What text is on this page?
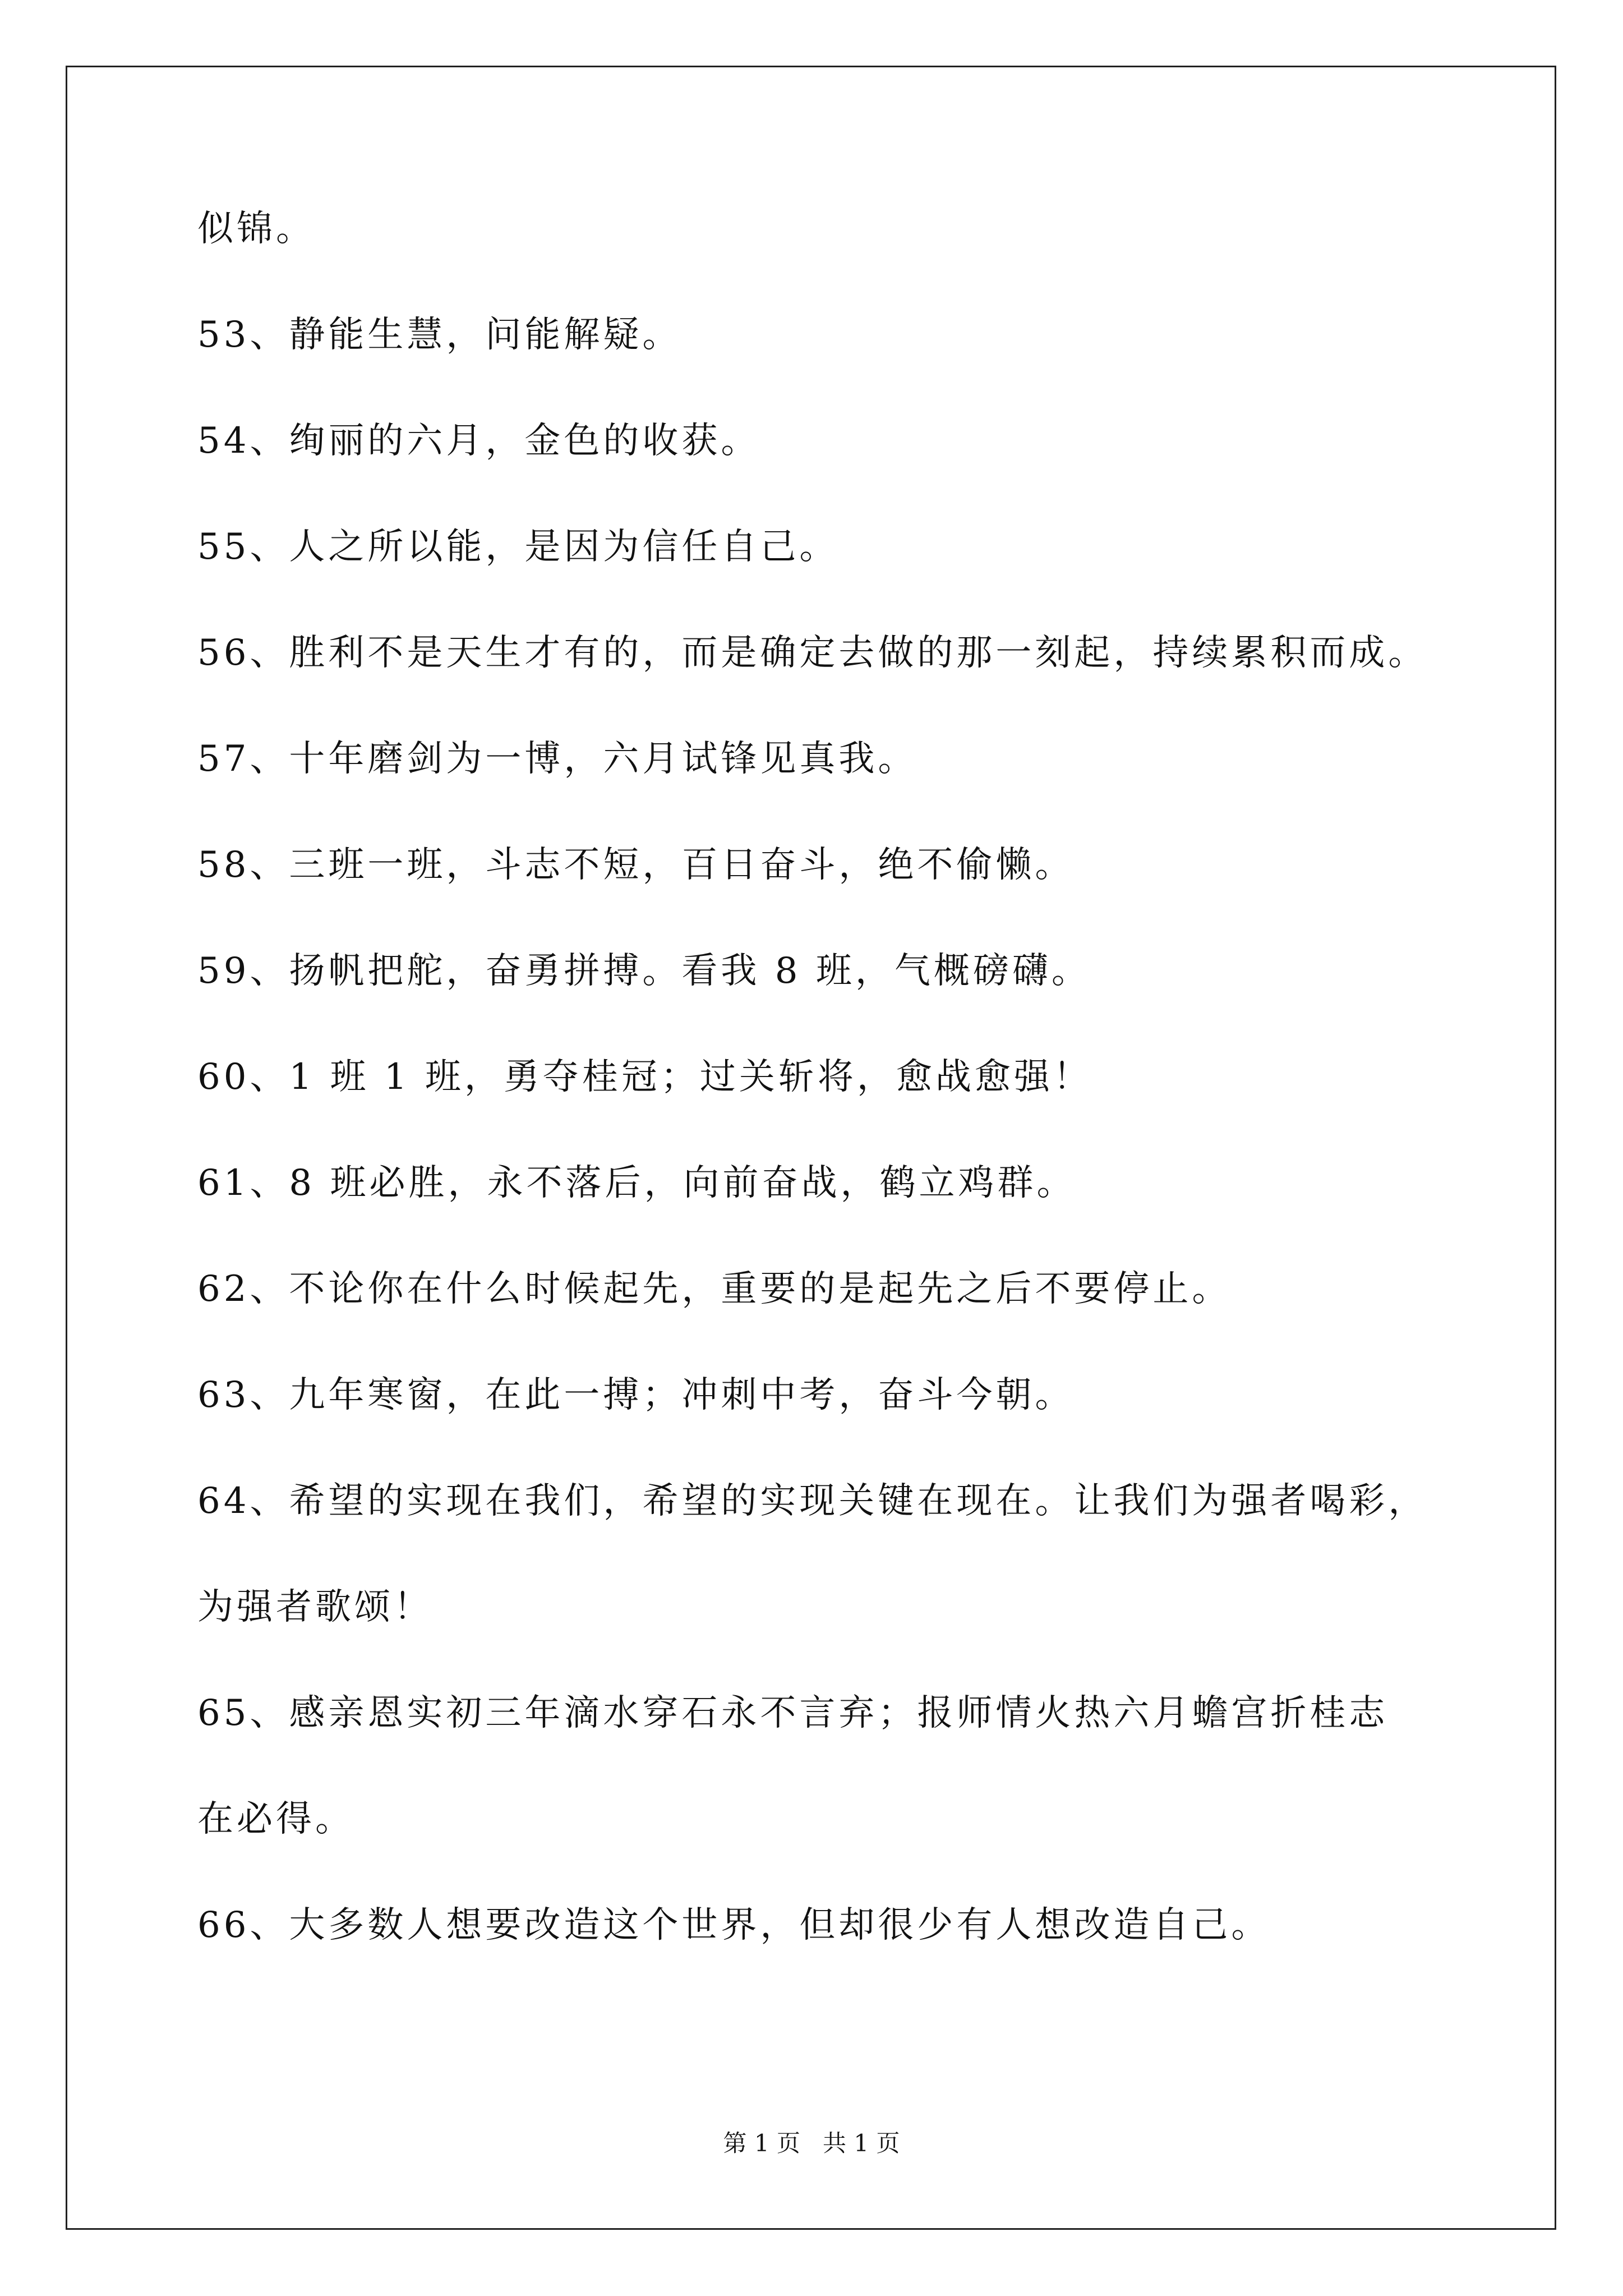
似锦。

53、静能生慧，问能解疑。

54、绚丽的六月，金色的收获。

55、人之所以能，是因为信任自己。

56、胜利不是天生才有的，而是确定去做的那一刻起，持续累积而成。

57、十年磨剑为一博，六月试锋见真我。

58、三班一班，斗志不短，百日奋斗，绝不偷懒。

59、扬帆把舵，奋勇拼搏。看我 8 班，气概磅礴。

60、1 班 1 班，勇夺桂冠；过关斩将，愈战愈强！

61、8 班必胜，永不落后，向前奋战，鹤立鸡群。

62、不论你在什么时候起先，重要的是起先之后不要停止。

63、九年寒窗，在此一搏；冲刺中考，奋斗今朝。

64、希望的实现在我们，希望的实现关键在现在。让我们为强者喝彩，

为强者歌颂！

65、感亲恩实初三年滴水穿石永不言弃；报师情火热六月蟾宫折桂志

在必得。

66、大多数人想要改造这个世界，但却很少有人想改造自己。

第 1 页   共 1 页
